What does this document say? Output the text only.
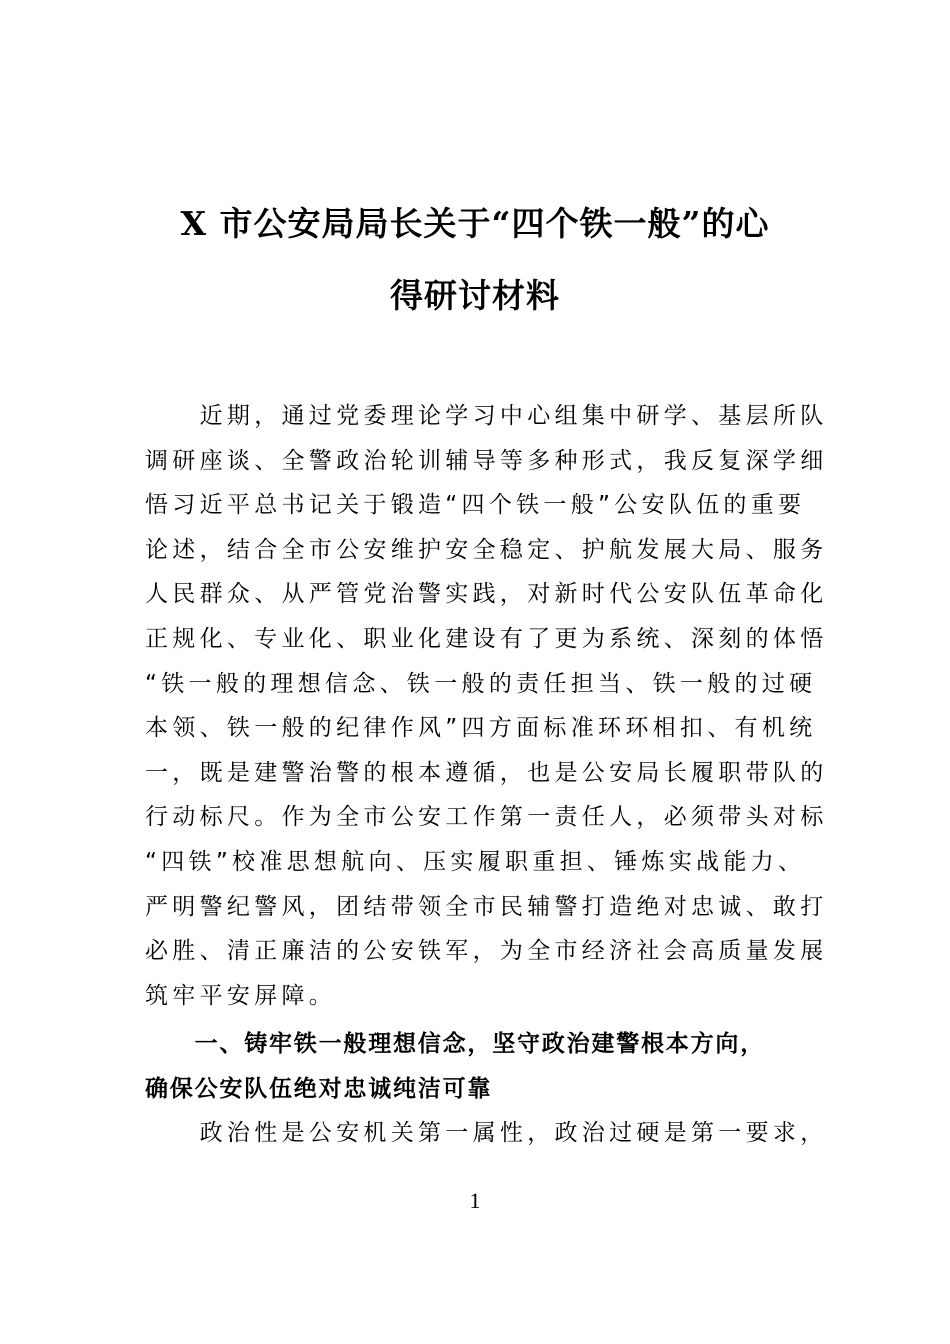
X 市公安局局长关于“四个铁一般”的心
得研讨材料
　　近期，通过党委理论学习中心组集中研学、基层所队
调研座谈、全警政治轮训辅导等多种形式，我反复深学细
悟习近平总书记关于锻造“四个铁一般”公安队伍的重要
论述，结合全市公安维护安全稳定、护航发展大局、服务
人民群众、从严管党治警实践，对新时代公安队伍革命化
正规化、专业化、职业化建设有了更为系统、深刻的体悟
“铁一般的理想信念、铁一般的责任担当、铁一般的过硬
本领、铁一般的纪律作风”四方面标准环环相扣、有机统
一，既是建警治警的根本遵循，也是公安局长履职带队的
行动标尺。作为全市公安工作第一责任人，必须带头对标
“四铁”校准思想航向、压实履职重担、锤炼实战能力、
严明警纪警风，团结带领全市民辅警打造绝对忠诚、敢打
必胜、清正廉洁的公安铁军，为全市经济社会高质量发展
筑牢平安屏障。
　　一、铸牢铁一般理想信念，坚守政治建警根本方向，
确保公安队伍绝对忠诚纯洁可靠
　　政治性是公安机关第一属性，政治过硬是第一要求，
1
